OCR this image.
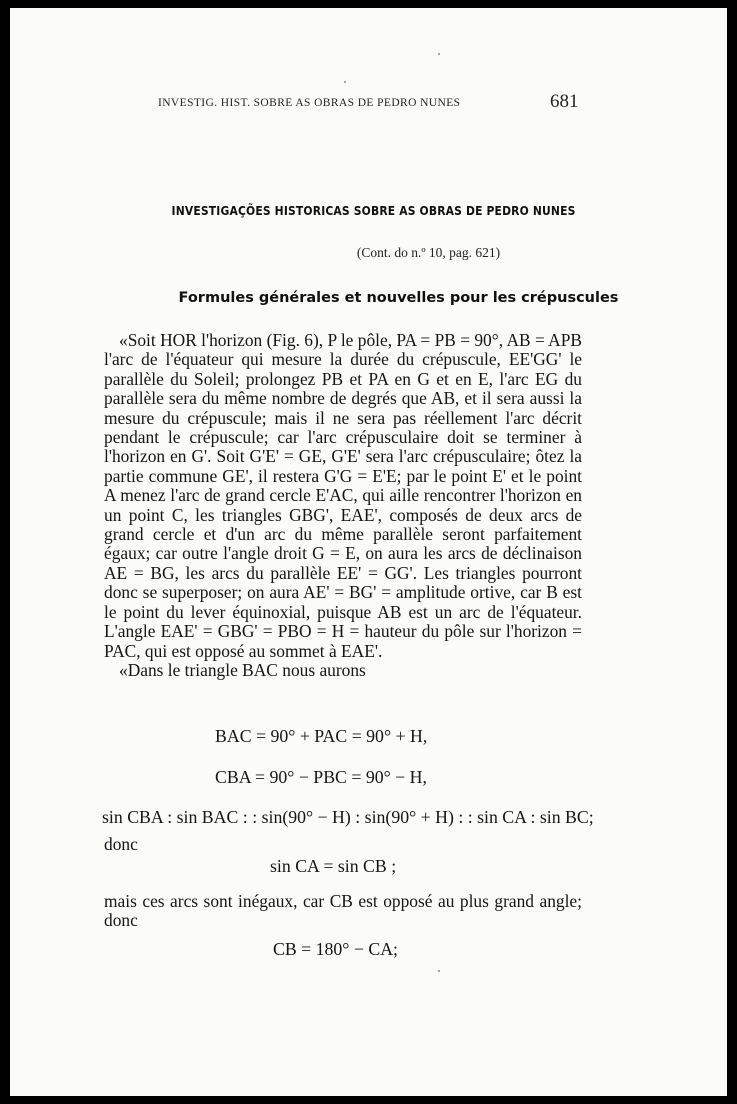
INVESTIG. HIST. SOBRE AS OBRAS DE PEDRO NUNES	681
INVESTIGAÇÕES HISTORICAS SOBRE AS OBRAS DE PEDRO NUNES
(Cont. do n.º 10, pag. 621)
Formules générales et nouvelles pour les crépuscules

«Soit HOR l'horizon (Fig. 6), P le pôle, PA = PB = 90°, AB = APB l'arc de l'équateur qui mesure la durée du crépuscule, EE'GG' le parallèle du Soleil; prolongez PB et PA en G et en E, l'arc EG du parallèle sera du même nombre de degrés que AB, et il sera aussi la mesure du crépuscule; mais il ne sera pas réellement l'arc décrit pendant le crépuscule; car l'arc crépusculaire doit se terminer à l'horizon en G'. Soit G'E' = GE, G'E' sera l'arc crépusculaire; ôtez la partie commune GE', il restera G'G = E'E; par le point E' et le point A menez l'arc de grand cercle E'AC, qui aille rencontrer l'horizon en un point C, les triangles GBG', EAE', composés de deux arcs de grand cercle et d'un arc du même parallèle seront parfaitement égaux; car outre l'angle droit G = E, on aura les arcs de déclinaison AE = BG, les arcs du parallèle EE' = GG'. Les triangles pourront donc se superposer; on aura AE' = BG' = amplitude ortive, car B est le point du lever équinoxial, puisque AB est un arc de l'équateur. L'angle EAE' = GBG' = PBO = H = hauteur du pôle sur l'horizon = PAC, qui est opposé au sommet à EAE'.

«Dans le triangle BAC nous aurons

BAC = 90° + PAC = 90° + H,
CBA = 90° − PBC = 90° − H,
sin CBA : sin BAC : : sin(90° − H) : sin(90° + H) : : sin CA : sin BC;
donc
sin CA = sin CB ;
mais ces arcs sont inégaux, car CB est opposé au plus grand angle; donc
CB = 180° − CA;
